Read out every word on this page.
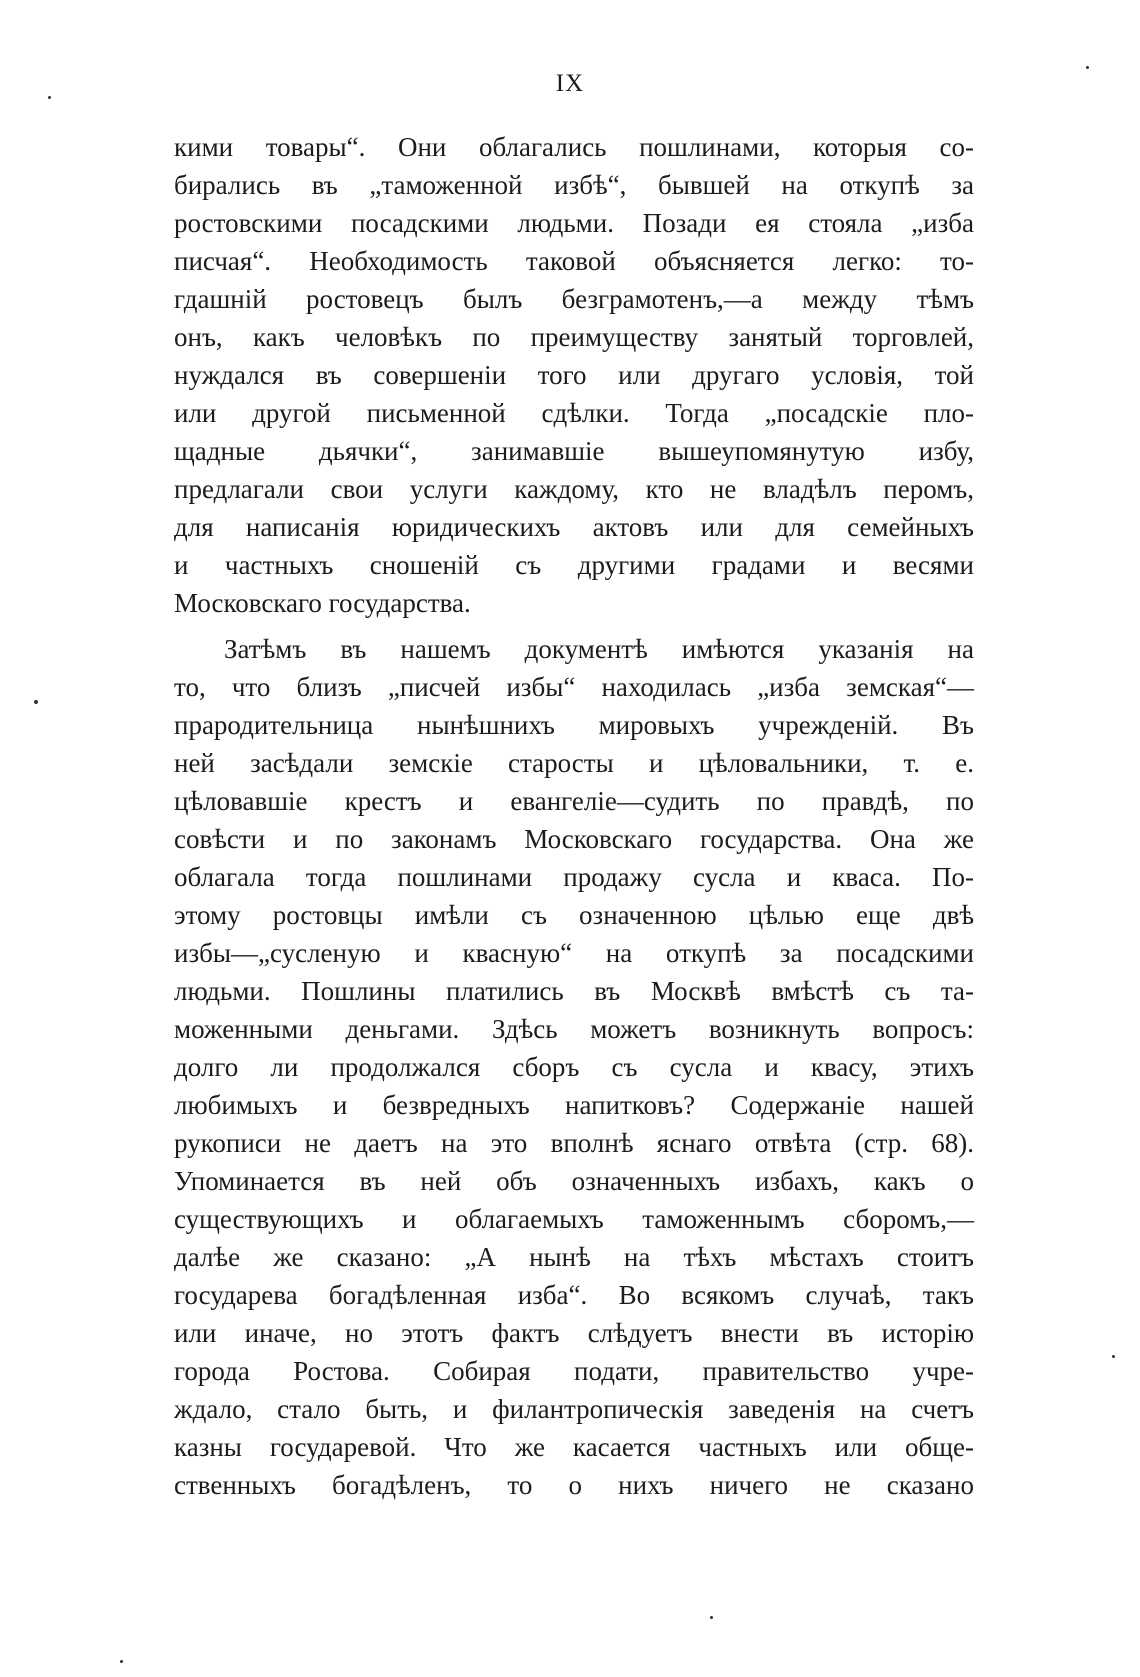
IX
кими товары“. Они облагались пошлинами, которыя со-
бирались въ „таможенной избѣ“, бывшей на откупѣ за
ростовскими посадскими людьми. Позади ея стояла „изба
писчая“. Необходимость таковой объясняется легко: то-
гдашнiй ростовецъ былъ безграмотенъ,—а между тѣмъ
онъ, какъ человѣкъ по преимуществу занятый торговлей,
нуждался въ совершенiи того или другаго условiя, той
или другой письменной сдѣлки. Тогда „посадскiе пло-
щадные дьячки“, занимавшiе вышеупомянутую избу,
предлагали свои услуги каждому, кто не владѣлъ перомъ,
для написанiя юридическихъ актовъ или для семейныхъ
и частныхъ сношенiй съ другими градами и весями
Московскаго государства.
Затѣмъ въ нашемъ документѣ имѣются указанiя на
то, что близъ „писчей избы“ находилась „изба земская“—
прародительница нынѣшнихъ мировыхъ учрежденiй. Въ
ней засѣдали земскiе старосты и цѣловальники, т. е.
цѣловавшiе крестъ и евангелiе—судить по правдѣ, по
совѣсти и по законамъ Московскаго государства. Она же
облагала тогда пошлинами продажу сусла и кваса. По-
этому ростовцы имѣли съ означенною цѣлью еще двѣ
избы—„сусленую и квасную“ на откупѣ за посадскими
людьми. Пошлины платились въ Москвѣ вмѣстѣ съ та-
моженными деньгами. Здѣсь можетъ возникнуть вопросъ:
долго ли продолжался сборъ съ сусла и квасу, этихъ
любимыхъ и безвредныхъ напитковъ? Содержанiе нашей
рукописи не даетъ на это вполнѣ яснаго отвѣта (стр. 68).
Упоминается въ ней объ означенныхъ избахъ, какъ о
существующихъ и облагаемыхъ таможеннымъ сборомъ,—
далѣе же сказано: „А нынѣ на тѣхъ мѣстахъ стоитъ
государева богадѣленная изба“. Во всякомъ случаѣ, такъ
или иначе, но этотъ фактъ слѣдуетъ внести въ исторiю
города Ростова. Собирая подати, правительство учре-
ждало, стало быть, и филантропическiя заведенiя на счетъ
казны государевой. Что же касается частныхъ или обще-
ственныхъ богадѣленъ, то о нихъ ничего не сказано
